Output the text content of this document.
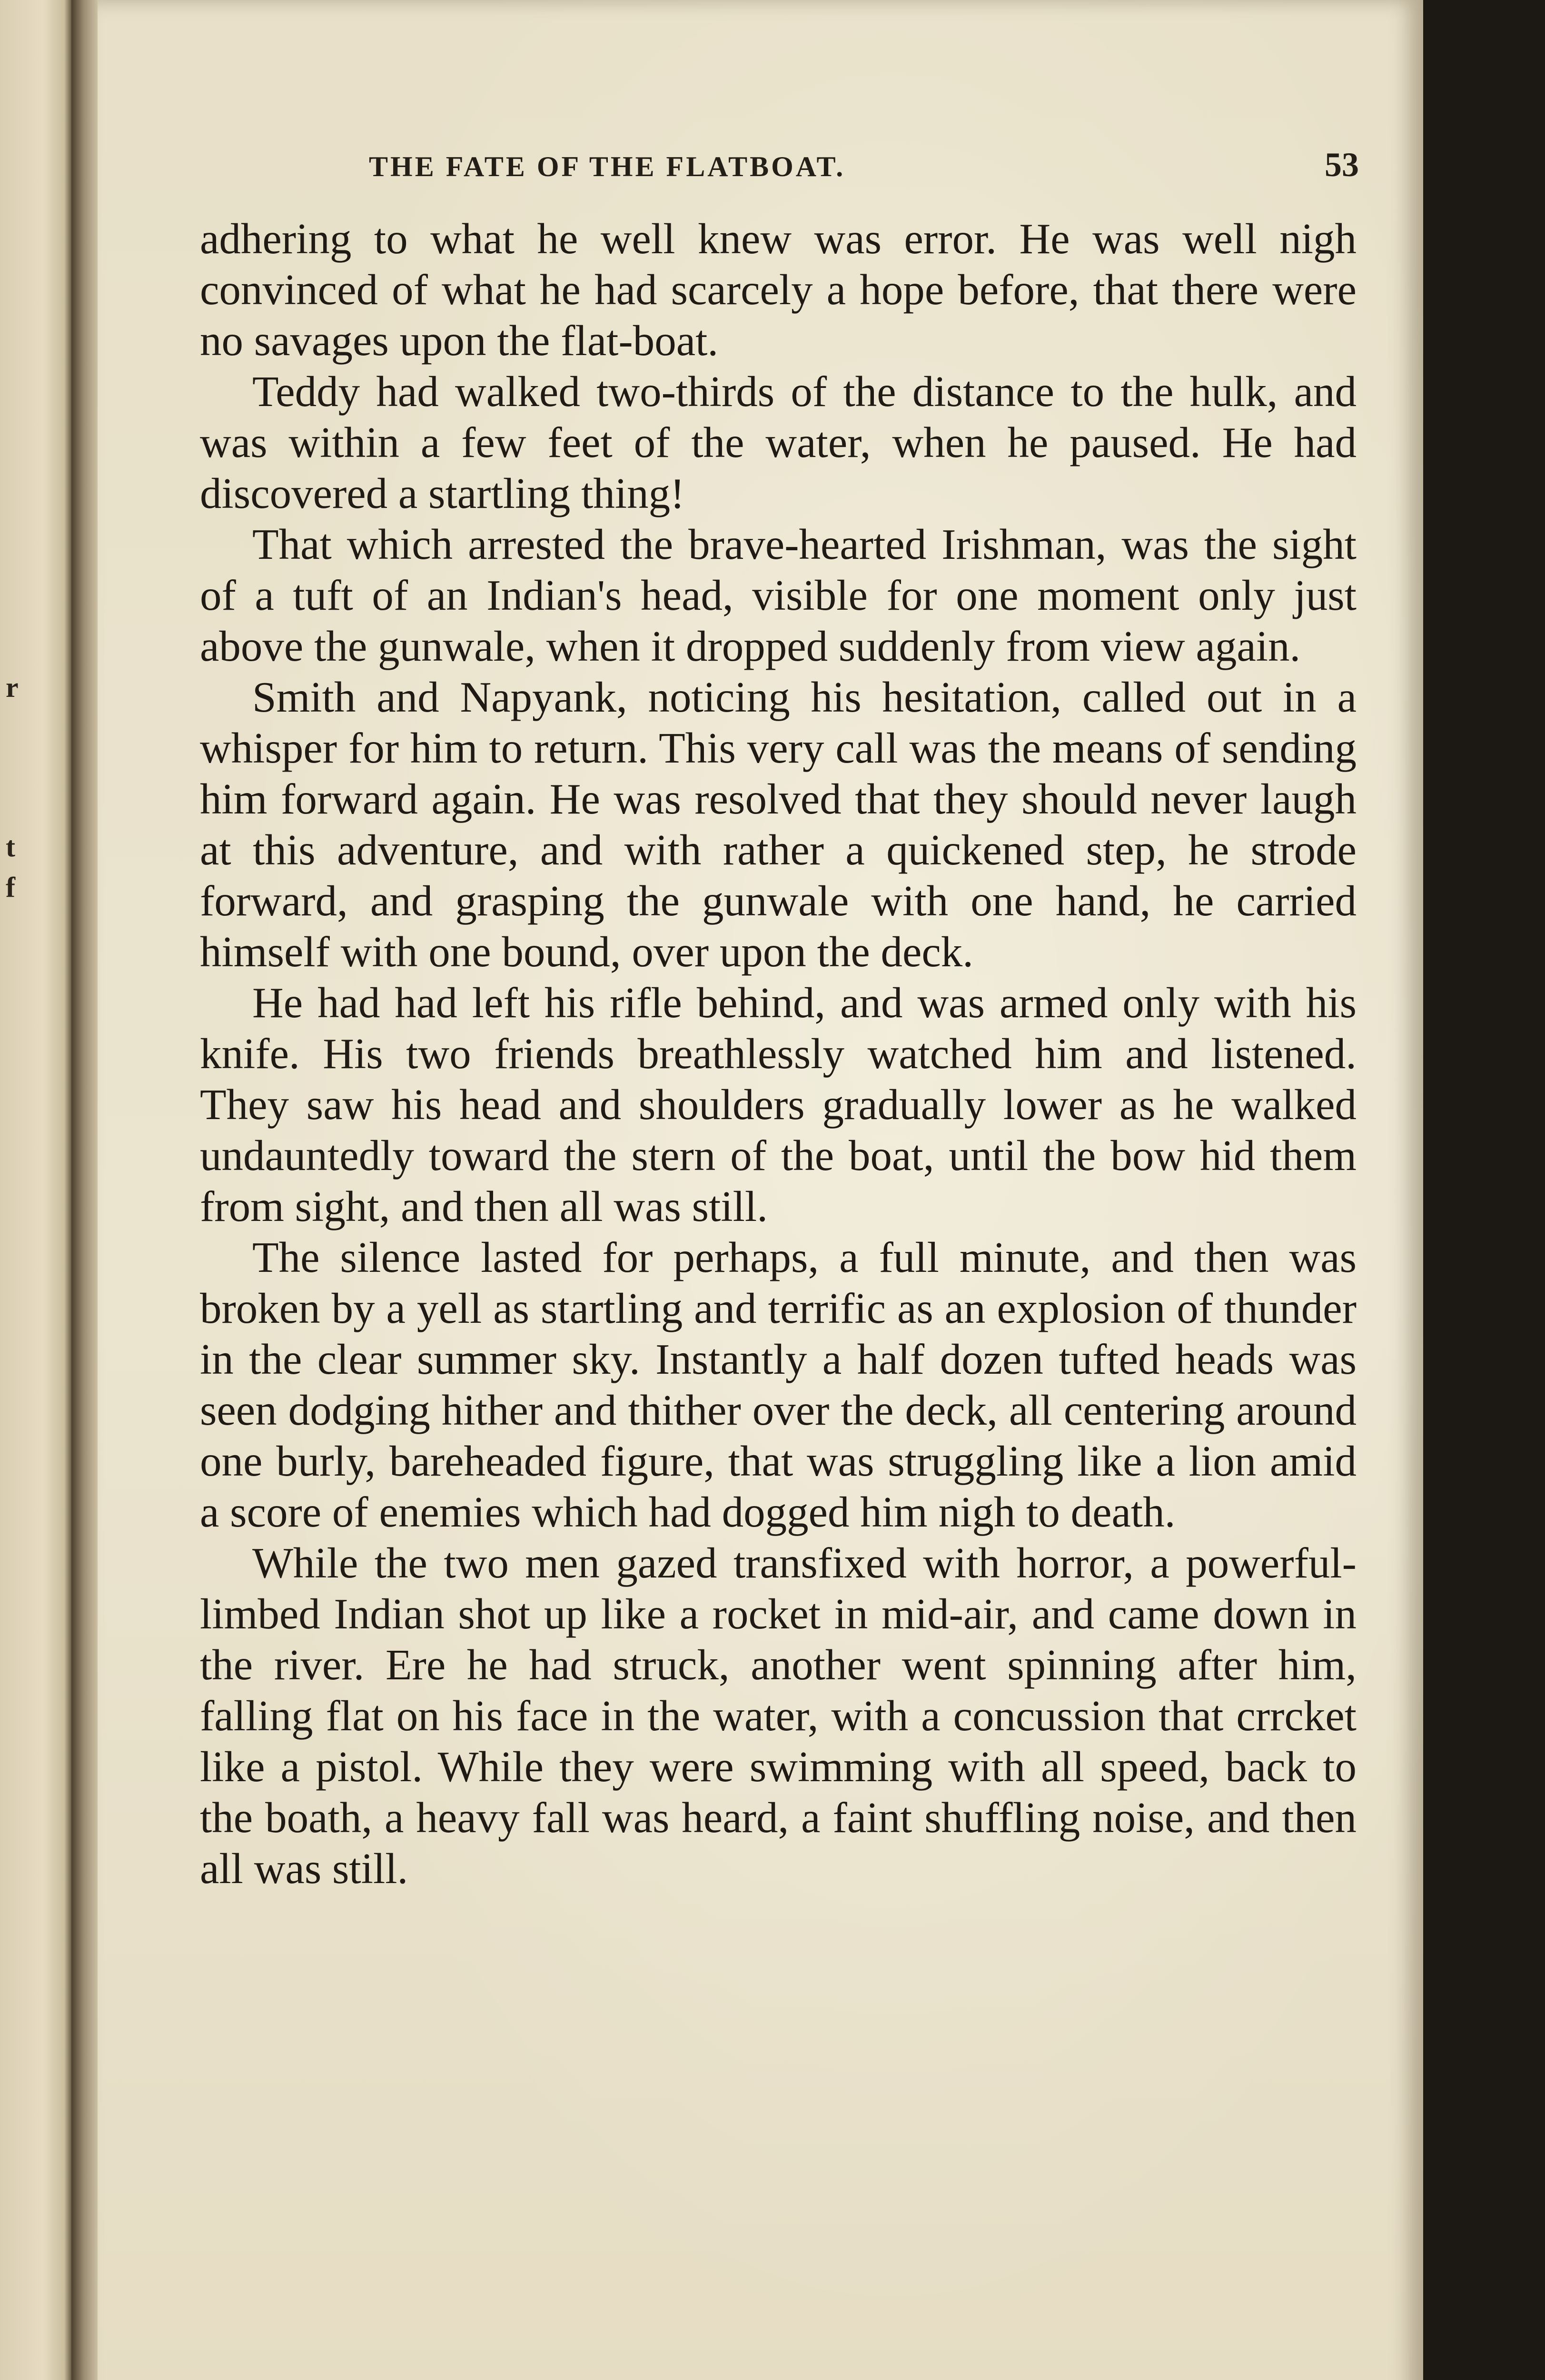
r
t
f
THE FATE OF THE FLATBOAT.	53

adhering to what he well knew was error. He was well nigh convinced of what he had scarcely a hope before, that there were no savages upon the flat-boat.

Teddy had walked two-thirds of the distance to the hulk, and was within a few feet of the water, when he paused. He had discovered a startling thing!

That which arrested the brave-hearted Irishman, was the sight of a tuft of an Indian's head, visible for one moment only just above the gunwale, when it dropped suddenly from view again.

Smith and Napyank, noticing his hesitation, called out in a whisper for him to return. This very call was the means of sending him forward again. He was resolved that they should never laugh at this adventure, and with rather a quickened step, he strode forward, and grasping the gunwale with one hand, he carried himself with one bound, over upon the deck.

He had had left his rifle behind, and was armed only with his knife. His two friends breathlessly watched him and listened. They saw his head and shoulders gradually lower as he walked undauntedly toward the stern of the boat, until the bow hid them from sight, and then all was still.

The silence lasted for perhaps, a full minute, and then was broken by a yell as startling and terrific as an explosion of thunder in the clear summer sky. Instantly a half dozen tufted heads was seen dodging hither and thither over the deck, all centering around one burly, bareheaded figure, that was struggling like a lion amid a score of enemies which had dogged him nigh to death.

While the two men gazed transfixed with horror, a powerful-limbed Indian shot up like a rocket in mid-air, and came down in the river. Ere he had struck, another went spinning after him, falling flat on his face in the water, with a concussion that crrcket like a pistol. While they were swimming with all speed, back to the boath, a heavy fall was heard, a faint shuffling noise, and then all was still.
